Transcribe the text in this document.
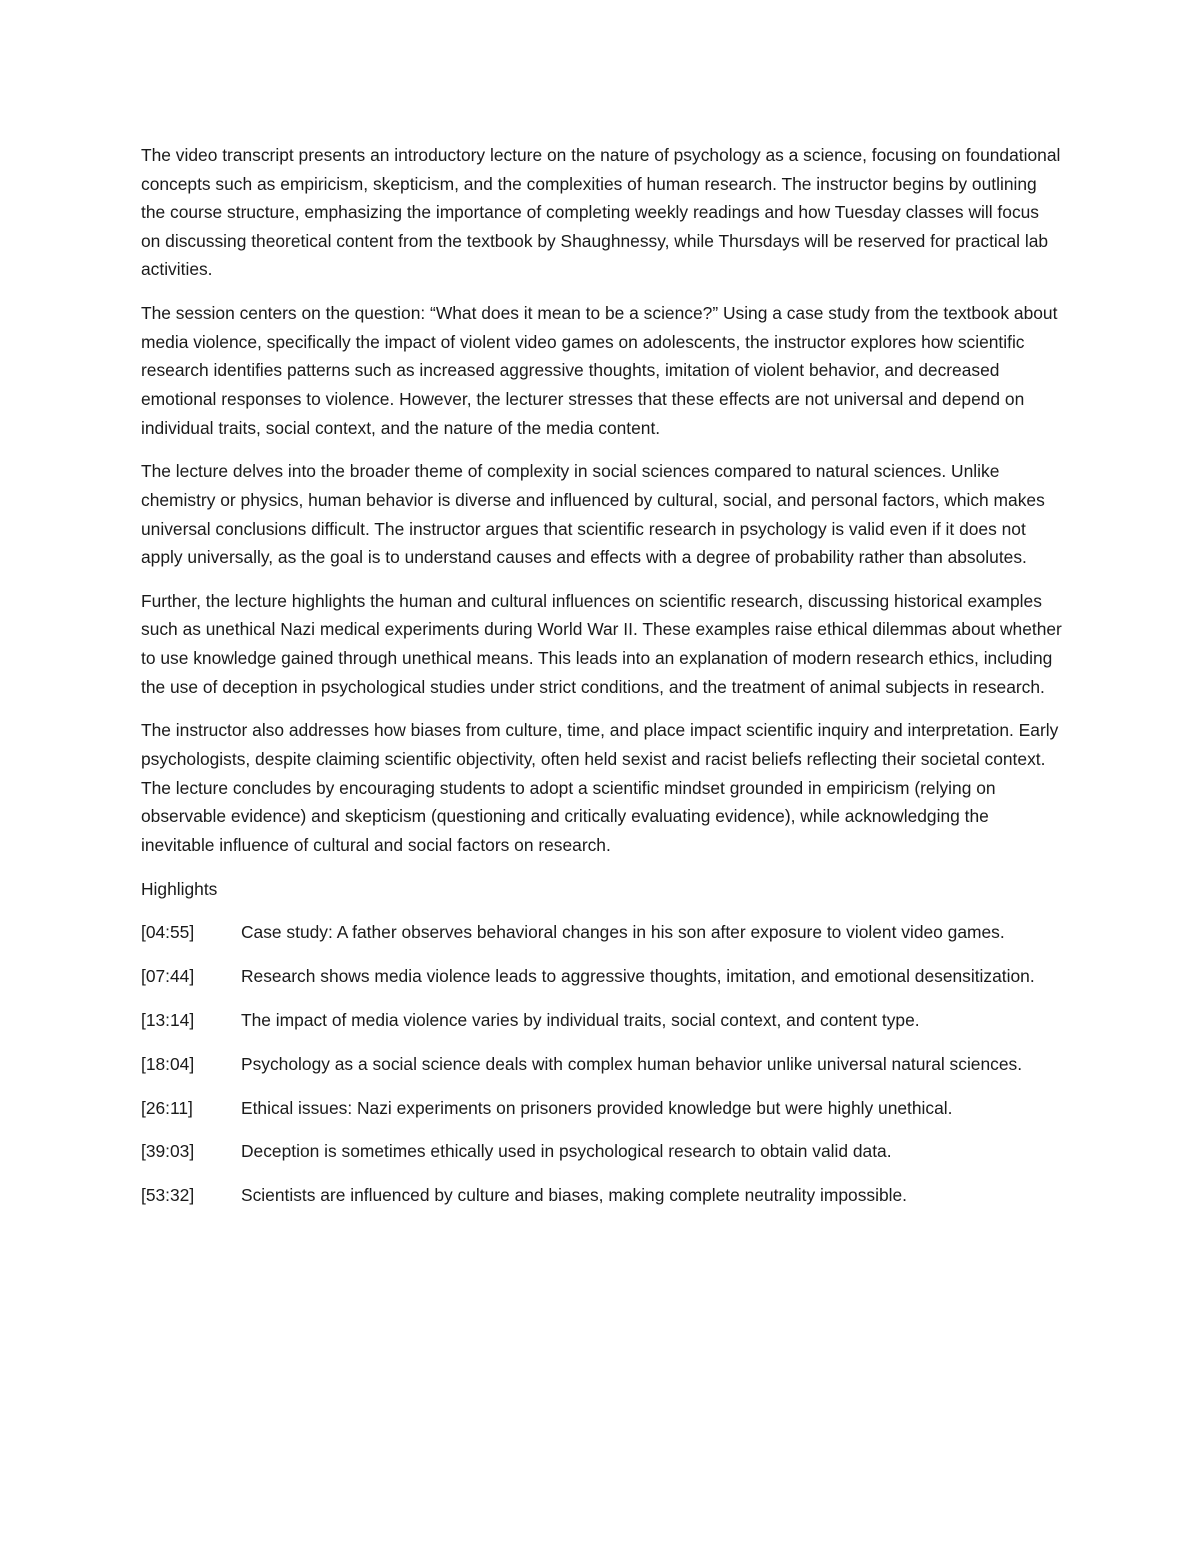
The video transcript presents an introductory lecture on the nature of psychology as a science, focusing on foundational concepts such as empiricism, skepticism, and the complexities of human research. The instructor begins by outlining the course structure, emphasizing the importance of completing weekly readings and how Tuesday classes will focus on discussing theoretical content from the textbook by Shaughnessy, while Thursdays will be reserved for practical lab activities.

The session centers on the question: “What does it mean to be a science?” Using a case study from the textbook about media violence, specifically the impact of violent video games on adolescents, the instructor explores how scientific research identifies patterns such as increased aggressive thoughts, imitation of violent behavior, and decreased emotional responses to violence. However, the lecturer stresses that these effects are not universal and depend on individual traits, social context, and the nature of the media content.

The lecture delves into the broader theme of complexity in social sciences compared to natural sciences. Unlike chemistry or physics, human behavior is diverse and influenced by cultural, social, and personal factors, which makes universal conclusions difficult. The instructor argues that scientific research in psychology is valid even if it does not apply universally, as the goal is to understand causes and effects with a degree of probability rather than absolutes.

Further, the lecture highlights the human and cultural influences on scientific research, discussing historical examples such as unethical Nazi medical experiments during World War II. These examples raise ethical dilemmas about whether to use knowledge gained through unethical means. This leads into an explanation of modern research ethics, including the use of deception in psychological studies under strict conditions, and the treatment of animal subjects in research.

The instructor also addresses how biases from culture, time, and place impact scientific inquiry and interpretation. Early psychologists, despite claiming scientific objectivity, often held sexist and racist beliefs reflecting their societal context. The lecture concludes by encouraging students to adopt a scientific mindset grounded in empiricism (relying on observable evidence) and skepticism (questioning and critically evaluating evidence), while acknowledging the inevitable influence of cultural and social factors on research.

Highlights

[04:55]	Case study: A father observes behavioral changes in his son after exposure to violent video games.

[07:44]	Research shows media violence leads to aggressive thoughts, imitation, and emotional desensitization.

[13:14]	The impact of media violence varies by individual traits, social context, and content type.

[18:04]	Psychology as a social science deals with complex human behavior unlike universal natural sciences.

[26:11]	Ethical issues: Nazi experiments on prisoners provided knowledge but were highly unethical.

[39:03]	Deception is sometimes ethically used in psychological research to obtain valid data.

[53:32]	Scientists are influenced by culture and biases, making complete neutrality impossible.
